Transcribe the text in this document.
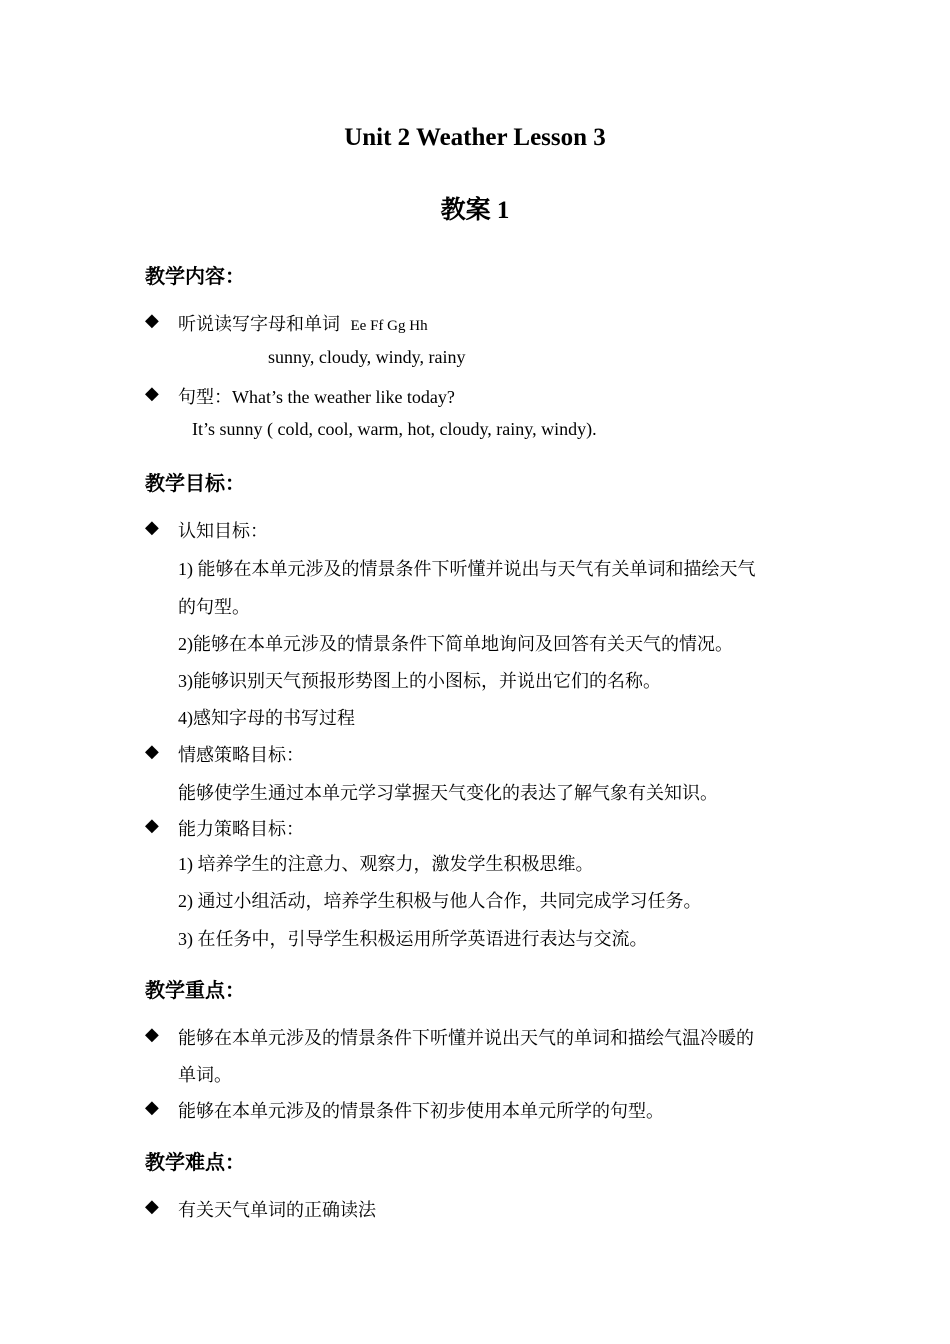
Unit 2 Weather Lesson 3
教案 1
教学内容：
◆ 听说读写字母和单词 Ee Ff Gg Hh
sunny, cloudy, windy, rainy
◆ 句型：What’s the weather like today?
It’s sunny ( cold, cool, warm, hot, cloudy, rainy, windy).
教学目标：
◆ 认知目标：
1) 能够在本单元涉及的情景条件下听懂并说出与天气有关单词和描绘天气
的句型。
2)能够在本单元涉及的情景条件下简单地询问及回答有关天气的情况。
3)能够识别天气预报形势图上的小图标，并说出它们的名称。
4)感知字母的书写过程
◆ 情感策略目标：
能够使学生通过本单元学习掌握天气变化的表达了解气象有关知识。
◆ 能力策略目标：
1) 培养学生的注意力、观察力，激发学生积极思维。
2) 通过小组活动，培养学生积极与他人合作，共同完成学习任务。
3) 在任务中，引导学生积极运用所学英语进行表达与交流。
教学重点：
◆ 能够在本单元涉及的情景条件下听懂并说出天气的单词和描绘气温冷暖的
单词。
◆ 能够在本单元涉及的情景条件下初步使用本单元所学的句型。
教学难点：
◆ 有关天气单词的正确读法
